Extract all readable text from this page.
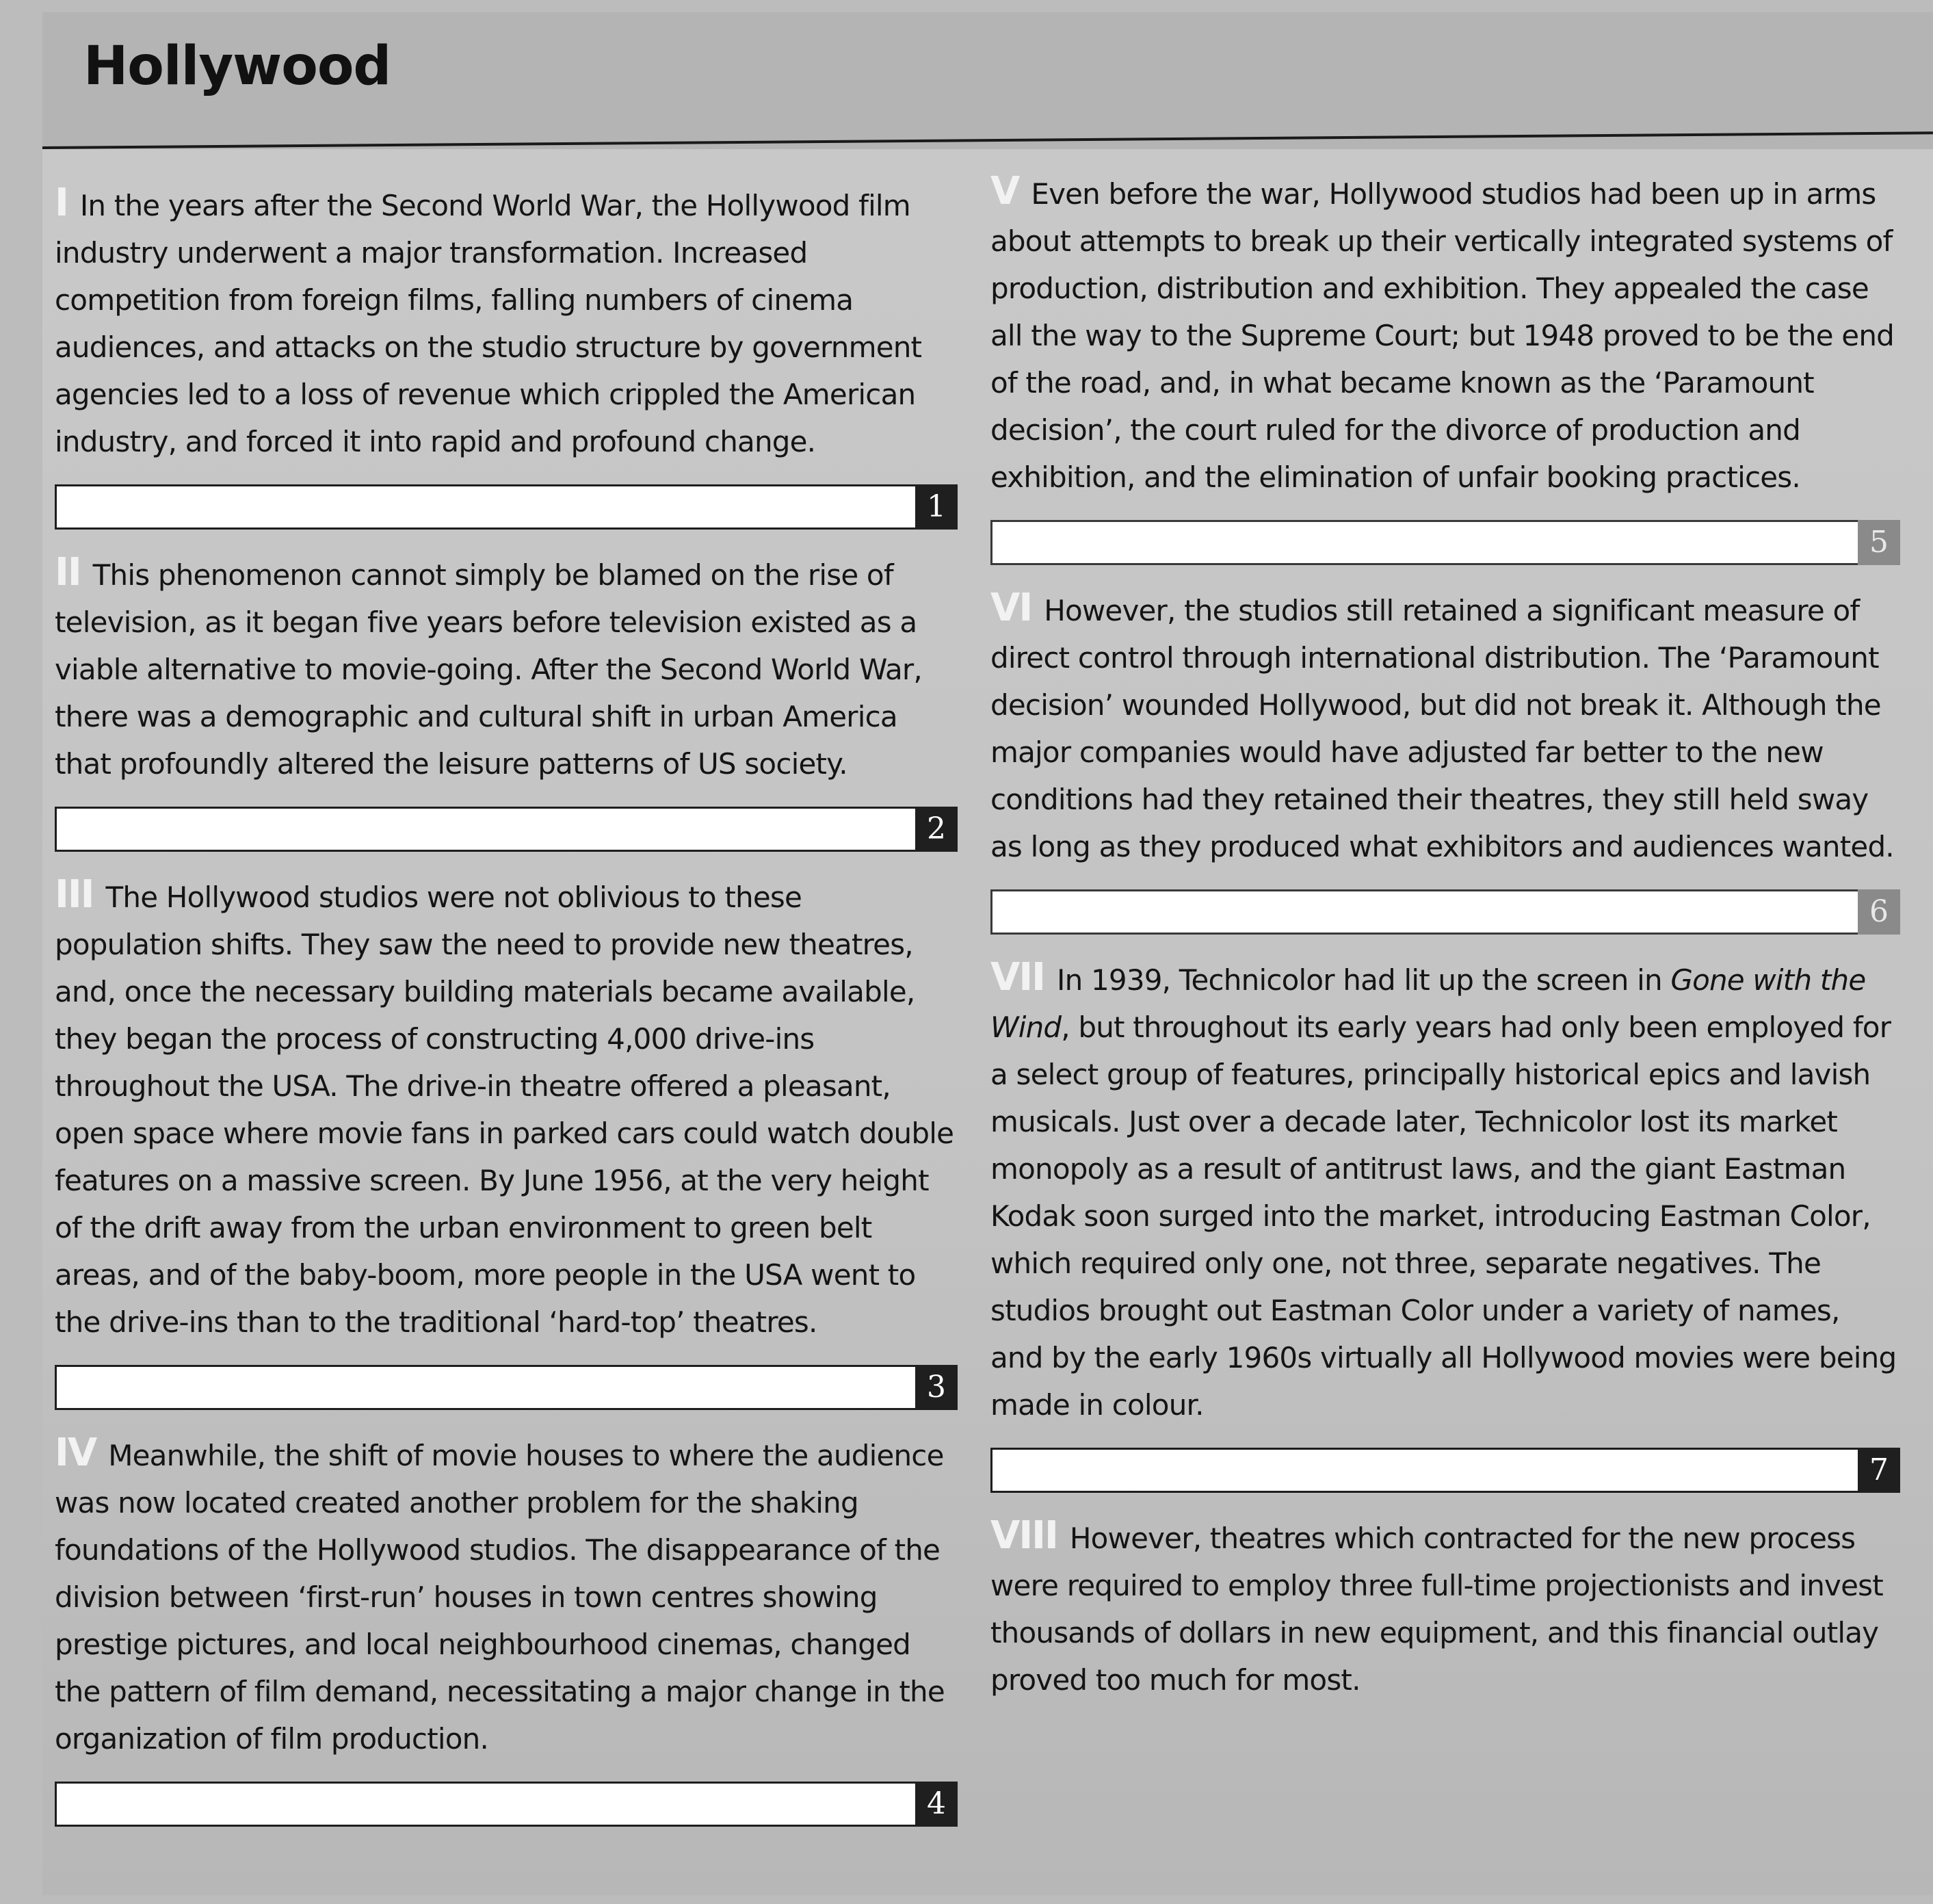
Hollywood

I In the years after the Second World War, the Hollywood film industry underwent a major transformation. Increased competition from foreign films, falling numbers of cinema audiences, and attacks on the studio structure by government agencies led to a loss of revenue which crippled the American industry, and forced it into rapid and profound change.

1

II This phenomenon cannot simply be blamed on the rise of television, as it began five years before television existed as a viable alternative to movie-going. After the Second World War, there was a demographic and cultural shift in urban America that profoundly altered the leisure patterns of US society.

2

III The Hollywood studios were not oblivious to these population shifts. They saw the need to provide new theatres, and, once the necessary building materials became available, they began the process of constructing 4,000 drive-ins throughout the USA. The drive-in theatre offered a pleasant, open space where movie fans in parked cars could watch double features on a massive screen. By June 1956, at the very height of the drift away from the urban environment to green belt areas, and of the baby-boom, more people in the USA went to the drive-ins than to the traditional ‘hard-top’ theatres.

3

IV Meanwhile, the shift of movie houses to where the audience was now located created another problem for the shaking foundations of the Hollywood studios. The disappearance of the division between ‘first-run’ houses in town centres showing prestige pictures, and local neighbourhood cinemas, changed the pattern of film demand, necessitating a major change in the organization of film production.

4

V Even before the war, Hollywood studios had been up in arms about attempts to break up their vertically integrated systems of production, distribution and exhibition. They appealed the case all the way to the Supreme Court; but 1948 proved to be the end of the road, and, in what became known as the ‘Paramount decision’, the court ruled for the divorce of production and exhibition, and the elimination of unfair booking practices.

5

VI However, the studios still retained a significant measure of direct control through international distribution. The ‘Paramount decision’ wounded Hollywood, but did not break it. Although the major companies would have adjusted far better to the new conditions had they retained their theatres, they still held sway as long as they produced what exhibitors and audiences wanted.

6

VII In 1939, Technicolor had lit up the screen in Gone with the Wind, but throughout its early years had only been employed for a select group of features, principally historical epics and lavish musicals. Just over a decade later, Technicolor lost its market monopoly as a result of antitrust laws, and the giant Eastman Kodak soon surged into the market, introducing Eastman Color, which required only one, not three, separate negatives. The studios brought out Eastman Color under a variety of names, and by the early 1960s virtually all Hollywood movies were being made in colour.

7

VIII However, theatres which contracted for the new process were required to employ three full-time projectionists and invest thousands of dollars in new equipment, and this financial outlay proved too much for most.
